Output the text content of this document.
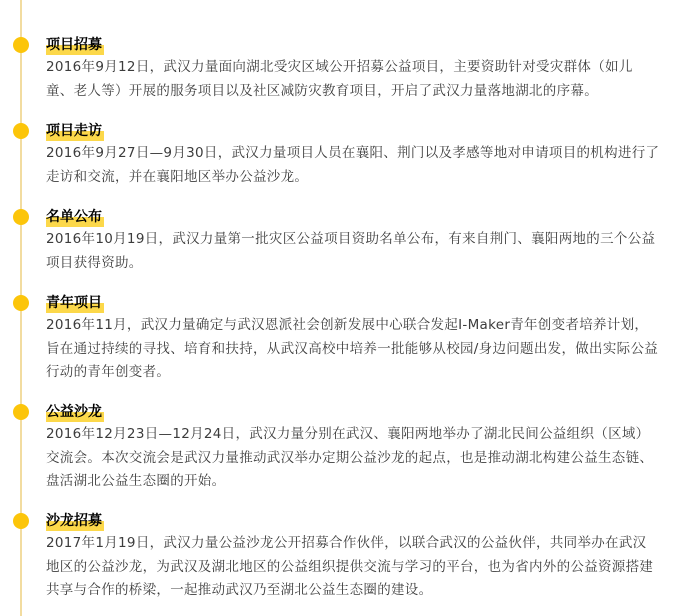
项目招募
2016年9月12日，武汉力量面向湖北受灾区域公开招募公益项目，主要资助针对受灾群体（如儿童、老人等）开展的服务项目以及社区减防灾教育项目，开启了武汉力量落地湖北的序幕。
项目走访
2016年9月27日—9月30日，武汉力量项目人员在襄阳、荆门以及孝感等地对申请项目的机构进行了走访和交流，并在襄阳地区举办公益沙龙。
名单公布
2016年10月19日，武汉力量第一批灾区公益项目资助名单公布，有来自荆门、襄阳两地的三个公益项目获得资助。
青年项目
2016年11月，武汉力量确定与武汉恩派社会创新发展中心联合发起I-Maker青年创变者培养计划，旨在通过持续的寻找、培育和扶持，从武汉高校中培养一批能够从校园/身边问题出发，做出实际公益行动的青年创变者。
公益沙龙
2016年12月23日—12月24日，武汉力量分别在武汉、襄阳两地举办了湖北民间公益组织（区域）交流会。本次交流会是武汉力量推动武汉举办定期公益沙龙的起点，也是推动湖北构建公益生态链、盘活湖北公益生态圈的开始。
沙龙招募
2017年1月19日，武汉力量公益沙龙公开招募合作伙伴，以联合武汉的公益伙伴，共同举办在武汉地区的公益沙龙，为武汉及湖北地区的公益组织提供交流与学习的平台，也为省内外的公益资源搭建共享与合作的桥梁，一起推动武汉乃至湖北公益生态圈的建设。
